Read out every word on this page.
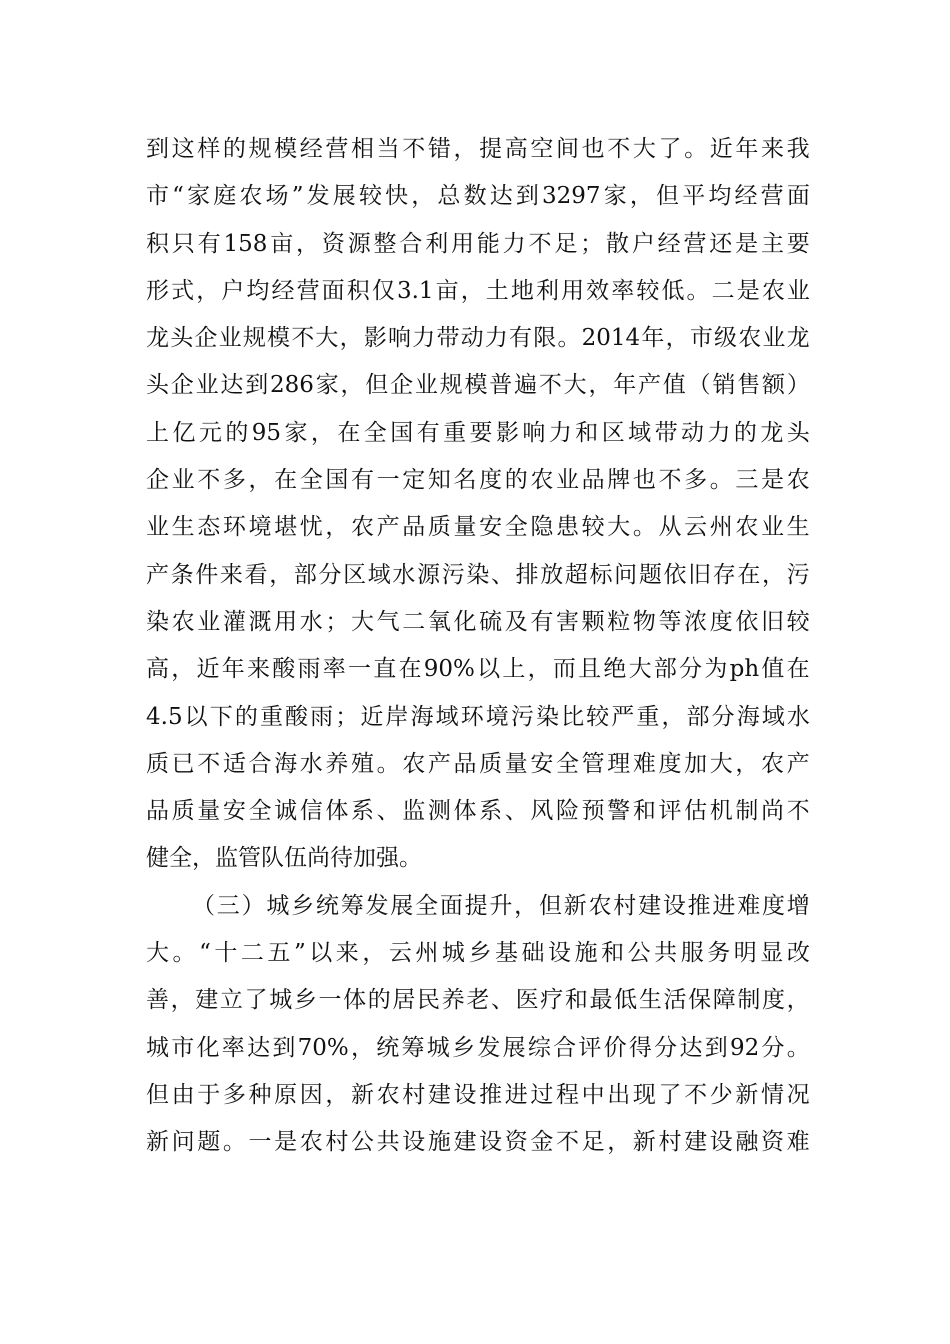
到 这 样 的 规 模 经 营 相 当 不 错 ， 提 高 空 间 也 不 大 了 。 近 年 来 我
市 “ 家 庭 农 场 ” 发 展 较 快 ， 总 数 达 到 3297 家 ， 但 平 均 经 营 面
积 只 有 158 亩 ， 资 源 整 合 利 用 能 力 不 足 ； 散 户 经 营 还 是 主 要
形 式 ， 户 均 经 营 面 积 仅 3.1 亩 ， 土 地 利 用 效 率 较 低 。 二 是 农 业
龙 头 企 业 规 模 不 大 ， 影 响 力 带 动 力 有 限 。 2014 年 ， 市 级 农 业 龙
头 企 业 达 到 286 家 ， 但 企 业 规 模 普 遍 不 大 ， 年 产 值 （ 销 售 额 ）
上 亿 元 的 95 家 ， 在 全 国 有 重 要 影 响 力 和 区 域 带 动 力 的 龙 头
企 业 不 多 ， 在 全 国 有 一 定 知 名 度 的 农 业 品 牌 也 不 多 。 三 是 农
业 生 态 环 境 堪 忧 ， 农 产 品 质 量 安 全 隐 患 较 大 。 从 云 州 农 业 生
产 条 件 来 看 ， 部 分 区 域 水 源 污 染 、 排 放 超 标 问 题 依 旧 存 在 ， 污
染 农 业 灌 溉 用 水 ； 大 气 二 氧 化 硫 及 有 害 颗 粒 物 等 浓 度 依 旧 较
高 ， 近 年 来 酸 雨 率 一 直 在 90% 以 上 ， 而 且 绝 大 部 分 为 ph 值 在
4.5 以 下 的 重 酸 雨 ； 近 岸 海 域 环 境 污 染 比 较 严 重 ， 部 分 海 域 水
质 已 不 适 合 海 水 养 殖 。 农 产 品 质 量 安 全 管 理 难 度 加 大 ， 农 产
品 质 量 安 全 诚 信 体 系 、 监 测 体 系 、 风 险 预 警 和 评 估 机 制 尚 不
健 全 ， 监 管 队 伍 尚 待 加 强 。
（ 三 ） 城 乡 统 筹 发 展 全 面 提 升 ， 但 新 农 村 建 设 推 进 难 度 增
大 。 “ 十 二 五 ” 以 来 ， 云 州 城 乡 基 础 设 施 和 公 共 服 务 明 显 改
善 ， 建 立 了 城 乡 一 体 的 居 民 养 老 、 医 疗 和 最 低 生 活 保 障 制 度 ，
城 市 化 率 达 到 70% ， 统 筹 城 乡 发 展 综 合 评 价 得 分 达 到 92 分 。
但 由 于 多 种 原 因 ， 新 农 村 建 设 推 进 过 程 中 出 现 了 不 少 新 情 况
新 问 题 。 一 是 农 村 公 共 设 施 建 设 资 金 不 足 ， 新 村 建 设 融 资 难
